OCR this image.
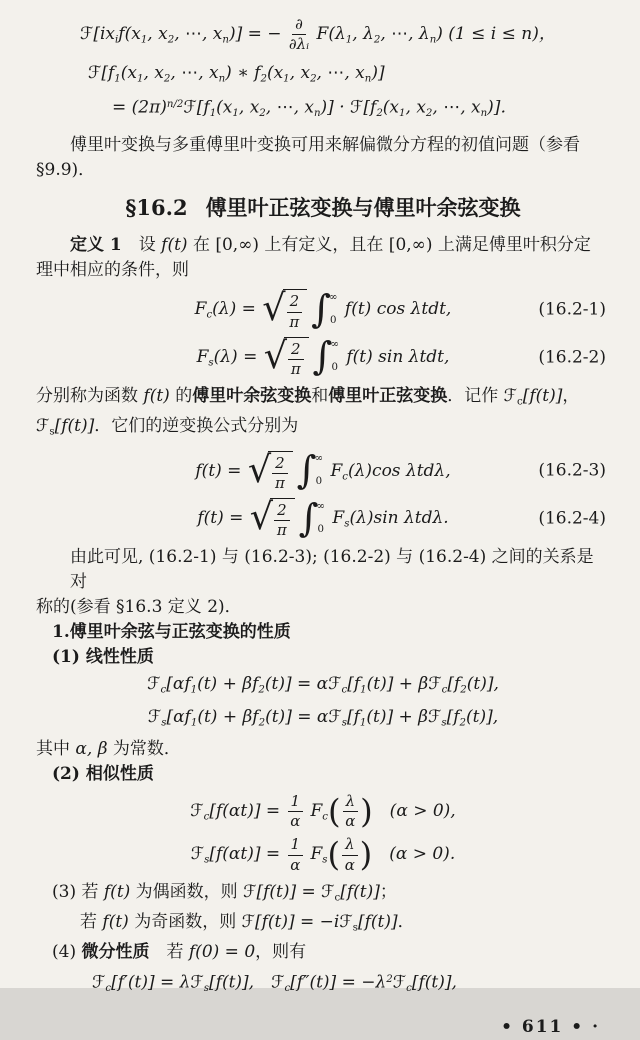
ℱ[ixif(x1, x2, ⋯, xn)] = − $\frac{\partial}{\text{∂λᵢ}} F(\lambda 1$, λ2, ⋯, λn) (1 ≤ i ≤ n)，
ℱ[f1(x1, x2, ⋯, xn) ∗ f2(x1, x2, ⋯, xn)]
= $(2\pi)^{n/2}ℱ[f1(x1$, x2, ⋯, xn)] · ℱ[f2(x1, x2, ⋯, xn)]．
傅里叶变换与多重傅里叶变换可用来解偏微分方程的初值问题（参看
§9.9)．
§16.2 傅里叶正弦变换与傅里叶余弦变换
定义 1　设 f(t) 在 [0,∞) 上有定义，且在 [0,∞) 上满足傅里叶积分定
理中相应的条件，则
Fc(λ) = √ $\frac{2}{\pi}$ ∫
∞
0
f(t) cos λtdt,	(16.2-1)
Fs(λ) = √ $\frac{2}{\pi}$ ∫
∞
0
f(t) sin λtdt,	(16.2-2)
分别称为函数 f(t) 的傅里叶余弦变换和傅里叶正弦变换．记作 ℱc[f(t)]，
ℱs[f(t)]．它们的逆变换公式分别为
f(t) = √ $\frac{2}{\pi}$ ∫
∞
0
Fc(λ)cos λtdλ,	(16.2-3)
f(t) = √ $\frac{2}{\pi}$ ∫
∞
0
Fs(λ)sin λtdλ.	(16.2-4)
由此可见, (16.2-1) 与 (16.2-3); (16.2-2) 与 (16.2-4) 之间的关系是对
称的(参看 §16.3 定义 2)．
1.傅里叶余弦与正弦变换的性质
(1) 线性性质
ℱc[αf1(t) + βf2(t)] = αℱc[f1(t)] + βℱc[f2(t)],
ℱs[αf1(t) + βf2(t)] = αℱs[f1(t)] + βℱs[f2(t)],
其中 α, β 为常数．
(2) 相似性质
ℱc[f(αt)] = $\frac{1}{\alpha} Fc( \frac{\lambda}{\alpha}$ )　(α > 0),
ℱs[f(αt)] = $\frac{1}{\alpha} Fs( \frac{\lambda}{\alpha}$ )　(α > 0).
(3) 若 f(t) 为偶函数，则 ℱ[f(t)] = ℱc[f(t)]；
若 f(t) 为奇函数，则 ℱ[f(t)] = −iℱs[f(t)]．
(4) 微分性质　若 f(0) = 0，则有
ℱc[f′(t)] = λℱs[f(t)],　ℱc[f″(t)] = $-\lambda^2ℱc[f(t)]$,
• 611 • ·
